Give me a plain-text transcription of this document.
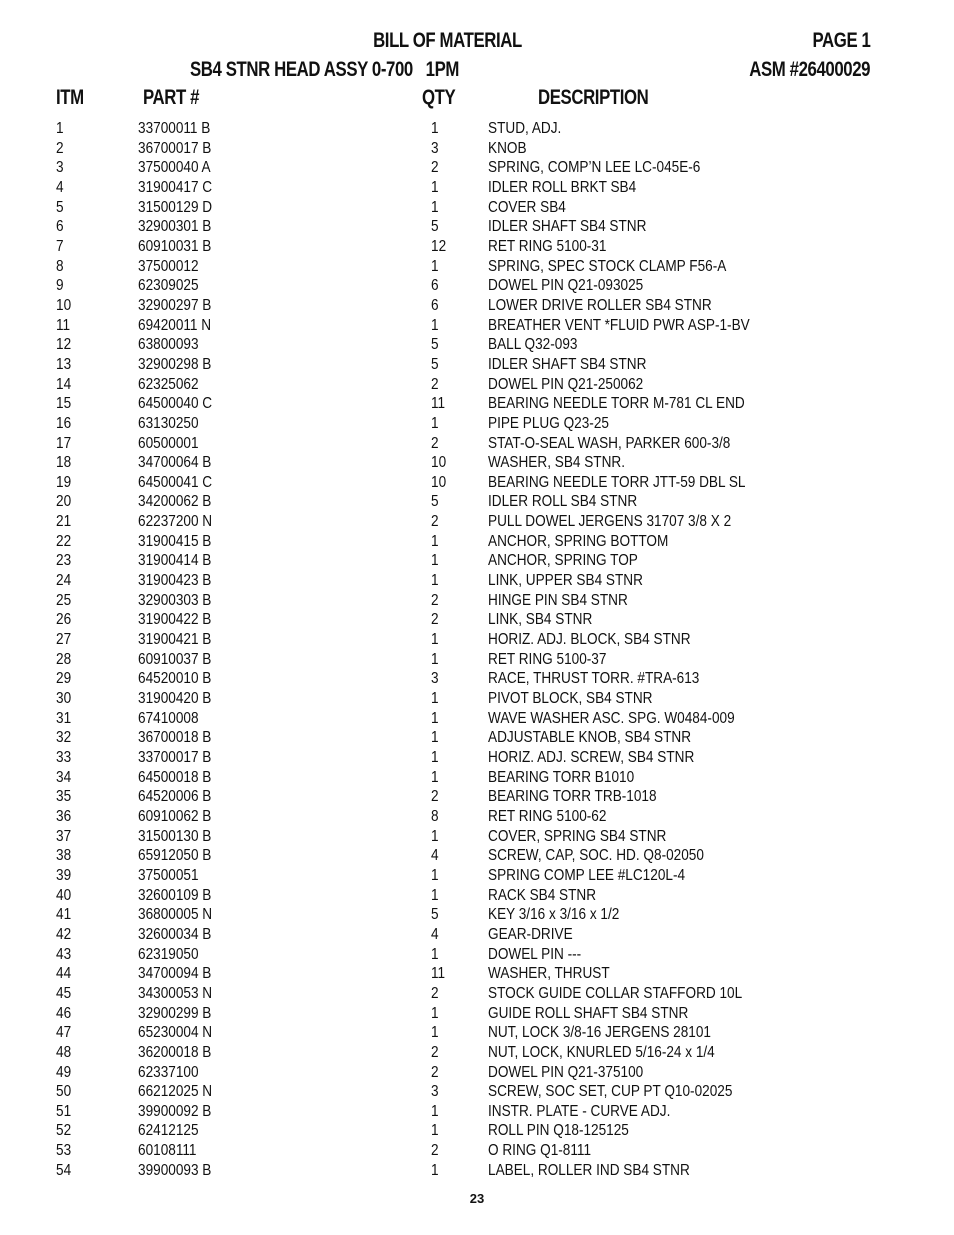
BILL OF MATERIAL	PAGE 1
SB4 STNR HEAD ASSY 0-700   1PM	ASM #26400029
ITM	PART #	QTY	DESCRIPTION
1	33700011 B	1	STUD, ADJ.
2	36700017 B	3	KNOB
3	37500040 A	2	SPRING, COMP’N LEE LC-045E-6
4	31900417 C	1	IDLER ROLL BRKT SB4
5	31500129 D	1	COVER SB4
6	32900301 B	5	IDLER SHAFT SB4 STNR
7	60910031 B	12	RET RING 5100-31
8	37500012	1	SPRING, SPEC STOCK CLAMP F56-A
9	62309025	6	DOWEL PIN Q21-093025
10	32900297 B	6	LOWER DRIVE ROLLER SB4 STNR
11	69420011 N	1	BREATHER VENT *FLUID PWR ASP-1-BV
12	63800093	5	BALL Q32-093
13	32900298 B	5	IDLER SHAFT SB4 STNR
14	62325062	2	DOWEL PIN Q21-250062
15	64500040 C	11	BEARING NEEDLE TORR M-781 CL END
16	63130250	1	PIPE PLUG Q23-25
17	60500001	2	STAT-O-SEAL WASH, PARKER 600-3/8
18	34700064 B	10	WASHER, SB4 STNR.
19	64500041 C	10	BEARING NEEDLE TORR JTT-59 DBL SL
20	34200062 B	5	IDLER ROLL SB4 STNR
21	62237200 N	2	PULL DOWEL JERGENS 31707 3/8 X 2
22	31900415 B	1	ANCHOR, SPRING BOTTOM
23	31900414 B	1	ANCHOR, SPRING TOP
24	31900423 B	1	LINK, UPPER SB4 STNR
25	32900303 B	2	HINGE PIN SB4 STNR
26	31900422 B	2	LINK, SB4 STNR
27	31900421 B	1	HORIZ. ADJ. BLOCK, SB4 STNR
28	60910037 B	1	RET RING 5100-37
29	64520010 B	3	RACE, THRUST TORR. #TRA-613
30	31900420 B	1	PIVOT BLOCK, SB4 STNR
31	67410008	1	WAVE WASHER ASC. SPG. W0484-009
32	36700018 B	1	ADJUSTABLE KNOB, SB4 STNR
33	33700017 B	1	HORIZ. ADJ. SCREW, SB4 STNR
34	64500018 B	1	BEARING TORR B1010
35	64520006 B	2	BEARING TORR TRB-1018
36	60910062 B	8	RET RING 5100-62
37	31500130 B	1	COVER, SPRING SB4 STNR
38	65912050 B	4	SCREW, CAP, SOC. HD. Q8-02050
39	37500051	1	SPRING COMP LEE #LC120L-4
40	32600109 B	1	RACK SB4 STNR
41	36800005 N	5	KEY 3/16 x 3/16 x 1/2
42	32600034 B	4	GEAR-DRIVE
43	62319050	1	DOWEL PIN ---
44	34700094 B	11	WASHER, THRUST
45	34300053 N	2	STOCK GUIDE COLLAR STAFFORD 10L
46	32900299 B	1	GUIDE ROLL SHAFT SB4 STNR
47	65230004 N	1	NUT, LOCK 3/8-16 JERGENS 28101
48	36200018 B	2	NUT, LOCK, KNURLED 5/16-24 x 1/4
49	62337100	2	DOWEL PIN Q21-375100
50	66212025 N	3	SCREW, SOC SET, CUP PT Q10-02025
51	39900092 B	1	INSTR. PLATE - CURVE ADJ.
52	62412125	1	ROLL PIN Q18-125125
53	60108111	2	O RING Q1-8111
54	39900093 B	1	LABEL, ROLLER IND SB4 STNR
23
